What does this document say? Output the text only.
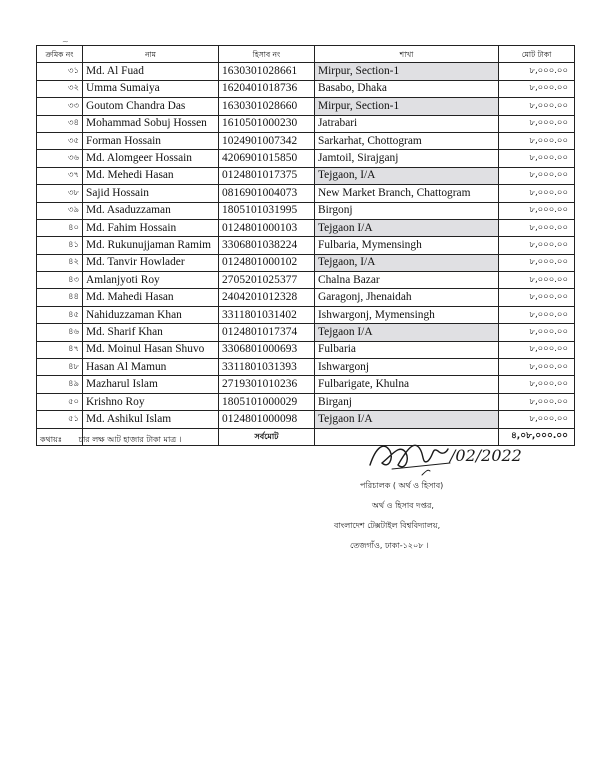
~
ক্রমিক নং	নাম	হিসাব নং	শাখা	মোট টাকা
৩১	Md. Al Fuad	1630301028661	Mirpur, Section-1	৮,০০০.০০
৩২	Umma Sumaiya	1620401018736	Basabo, Dhaka	৮,০০০.০০
৩৩	Goutom Chandra Das	1630301028660	Mirpur, Section-1	৮,০০০.০০
৩৪	Mohammad Sobuj Hossen	1610501000230	Jatrabari	৮,০০০.০০
৩৫	Forman Hossain	1024901007342	Sarkarhat, Chottogram	৮,০০০.০০
৩৬	Md. Alomgeer Hossain	4206901015850	Jamtoil, Sirajganj	৮,০০০.০০
৩৭	Md. Mehedi Hasan	0124801017375	Tejgaon, I/A	৮,০০০.০০
৩৮	Sajid Hossain	0816901004073	New Market Branch, Chattogram	৮,০০০.০০
৩৯	Md. Asaduzzaman	1805101031995	Birgonj	৮,০০০.০০
৪০	Md. Fahim Hossain	0124801000103	Tejgaon I/A	৮,০০০.০০
৪১	Md. Rukunujjaman Ramim	3306801038224	Fulbaria, Mymensingh	৮,০০০.০০
৪২	Md. Tanvir Howlader	0124801000102	Tejgaon, I/A	৮,০০০.০০
৪৩	Amlanjyoti Roy	2705201025377	Chalna Bazar	৮,০০০.০০
৪৪	Md. Mahedi Hasan	2404201012328	Garagonj, Jhenaidah	৮,০০০.০০
৪৫	Nahiduzzaman Khan	3311801031402	Ishwargonj, Mymensingh	৮,০০০.০০
৪৬	Md. Sharif Khan	0124801017374	Tejgaon I/A	৮,০০০.০০
৪৭	Md. Moinul Hasan Shuvo	3306801000693	Fulbaria	৮,০০০.০০
৪৮	Hasan Al Mamun	3311801031393	Ishwargonj	৮,০০০.০০
৪৯	Mazharul Islam	2719301010236	Fulbarigate, Khulna	৮,০০০.০০
৫০	Krishno Roy	1805101000029	Birganj	৮,০০০.০০
৫১	Md. Ashikul Islam	0124801000098	Tejgaon I/A	৮,০০০.০০
		সর্বমোট		৪,০৮,০০০.০০
কথায়ঃ চার লক্ষ আট হাজার টাকা মাত্র ।
/02/2022
পরিচালক ( অর্থ ও হিসাব)
অর্থ ও হিসাব দপ্তর,
বাংলাদেশ টেক্সটাইল বিশ্ববিদ্যালয়,
তেজগাঁও, ঢাকা-১২০৮ ।
